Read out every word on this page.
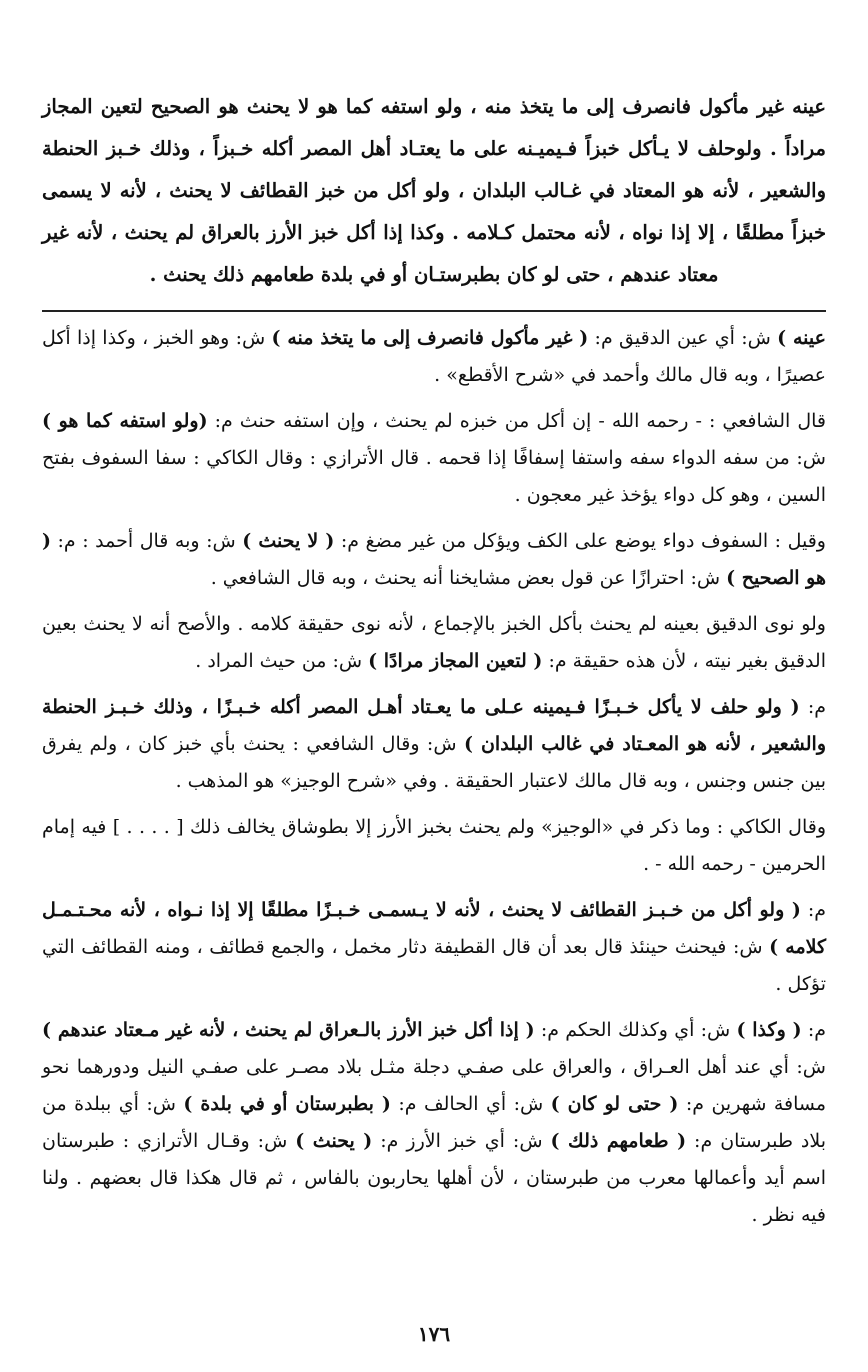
عينه غير مأكول فانصرف إلى ما يتخذ منه ، ولو استفه كما هو لا يحنث هو الصحيح لتعين المجاز مراداً . ولوحلف لا يـأكل خبزاً فـيميـنه على ما يعتـاد أهل المصر أكله خـبزاً ، وذلك خـبز الحنطة والشعير ، لأنه هو المعتاد في غـالب البلدان ، ولو أكل من خبز القطائف لا يحنث ، لأنه لا يسمى خبزاً مطلقًا ، إلا إذا نواه ، لأنه محتمل كـلامه . وكذا إذا أكل خبز الأرز بالعراق لم يحنث ، لأنه غير معتاد عندهم ، حتى لو كان بطبرستـان أو في بلدة طعامهم ذلك يحنث .

عينه ) ش: أي عين الدقيق م: ( غير مأكول فانصرف إلى ما يتخذ منه ) ش: وهو الخبز ، وكذا إذا أكل عصيرًا ، وبه قال مالك وأحمد في «شرح الأقطع» .

قال الشافعي : - رحمه الله - إن أكل من خبزه لم يحنث ، وإن استفه حنث م: (ولو استفه كما هو ) ش: من سفه الدواء سفه واستفا إسفافًا إذا قحمه . قال الأترازي : وقال الكاكي : سفا السفوف بفتح السين ، وهو كل دواء يؤخذ غير معجون .

وقيل : السفوف دواء يوضع على الكف ويؤكل من غير مضغ م: ( لا يحنث ) ش: وبه قال أحمد : م: ( هو الصحيح ) ش: احترازًا عن قول بعض مشايخنا أنه يحنث ، وبه قال الشافعي .

ولو نوى الدقيق بعينه لم يحنث بأكل الخبز بالإجماع ، لأنه نوى حقيقة كلامه . والأصح أنه لا يحنث بعين الدقيق بغير نيته ، لأن هذه حقيقة م: ( لتعين المجاز مرادًا ) ش: من حيث المراد .

م: ( ولو حلف لا يأكل خـبـزًا فـيمينه عـلى ما يعـتاد أهـل المصر أكله خـبـزًا ، وذلك خـبـز الحنطة والشعير ، لأنه هو المعـتاد في غالب البلدان ) ش: وقال الشافعي : يحنث بأي خبز كان ، ولم يفرق بين جنس وجنس ، وبه قال مالك لاعتبار الحقيقة . وفي «شرح الوجيز» هو المذهب .

وقال الكاكي : وما ذكر في «الوجيز» ولم يحنث بخبز الأرز إلا بطوشاق يخالف ذلك [ . . . . ] فيه إمام الحرمين - رحمه الله - .

م: ( ولو أكل من خـبـز القطائف لا يحنث ، لأنه لا يـسمـى خـبـزًا مطلقًا إلا إذا نـواه ، لأنه محـتـمـل كلامه ) ش: فيحنث حينئذ قال بعد أن قال القطيفة دثار مخمل ، والجمع قطائف ، ومنه القطائف التي تؤكل .

م: ( وكذا ) ش: أي وكذلك الحكم م: ( إذا أكل خبز الأرز بالـعراق لم يحنث ، لأنه غير مـعتاد عندهم ) ش: أي عند أهل العـراق ، والعراق على صفـي دجلة مثـل بلاد مصـر على صفـي النيل ودورهما نحو مسافة شهرين م: ( حتى لو كان ) ش: أي الحالف م: ( بطبرستان أو في بلدة ) ش: أي ببلدة من بلاد طبرستان م: ( طعامهم ذلك ) ش: أي خبز الأرز م: ( يحنث ) ش: وقـال الأترازي : طبرستان اسم أيد وأعمالها معرب من طبرستان ، لأن أهلها يحاربون بالفاس ، ثم قال هكذا قال بعضهم . ولنا فيه نظر .

١٧٦
